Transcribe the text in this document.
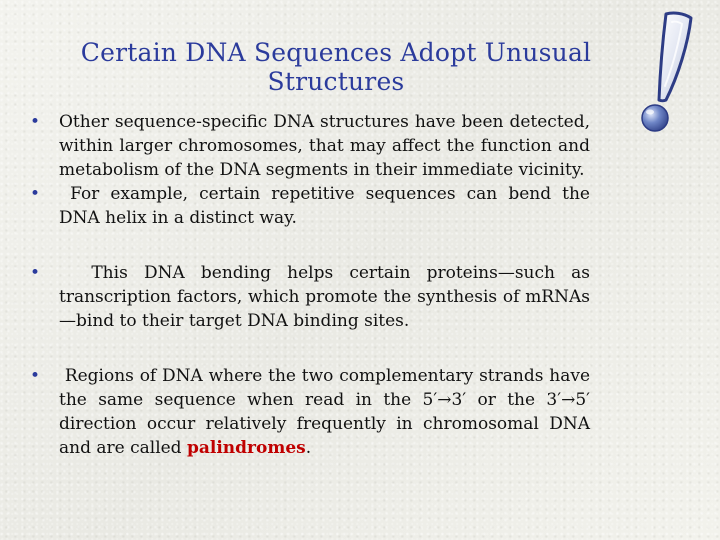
Certain DNA Sequences Adopt Unusual Structures
• Other sequence-specific DNA structures have been detected, within larger chromosomes, that may affect the function and metabolism of the DNA segments in their immediate vicinity.
• For example, certain repetitive sequences can bend the DNA helix in a distinct way.
• This DNA bending helps certain proteins—such as transcription factors, which promote the synthesis of mRNAs —bind to their target DNA binding sites.
• Regions of DNA where the two complementary strands have the same sequence when read in the 5′→3′ or the 3′→5′ direction occur relatively frequently in chromosomal DNA and are called palindromes.
